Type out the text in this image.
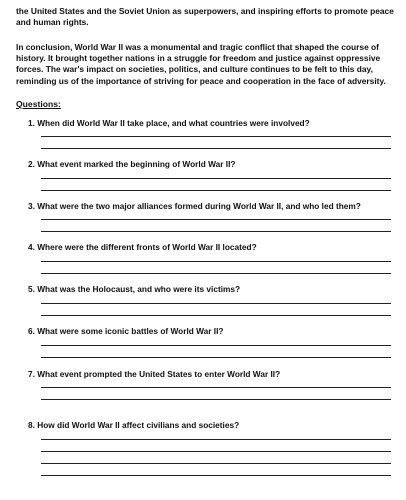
the United States and the Soviet Union as superpowers, and inspiring efforts to promote peace and human rights.

In conclusion, World War II was a monumental and tragic conflict that shaped the course of history. It brought together nations in a struggle for freedom and justice against oppressive forces. The war's impact on societies, politics, and culture continues to be felt to this day, reminding us of the importance of striving for peace and cooperation in the face of adversity.

Questions:

1. When did World War II take place, and what countries were involved?

2. What event marked the beginning of World War II?

3. What were the two major alliances formed during World War II, and who led them?

4. Where were the different fronts of World War II located?

5. What was the Holocaust, and who were its victims?

6. What were some iconic battles of World War II?

7. What event prompted the United States to enter World War II?

8. How did World War II affect civilians and societies?
